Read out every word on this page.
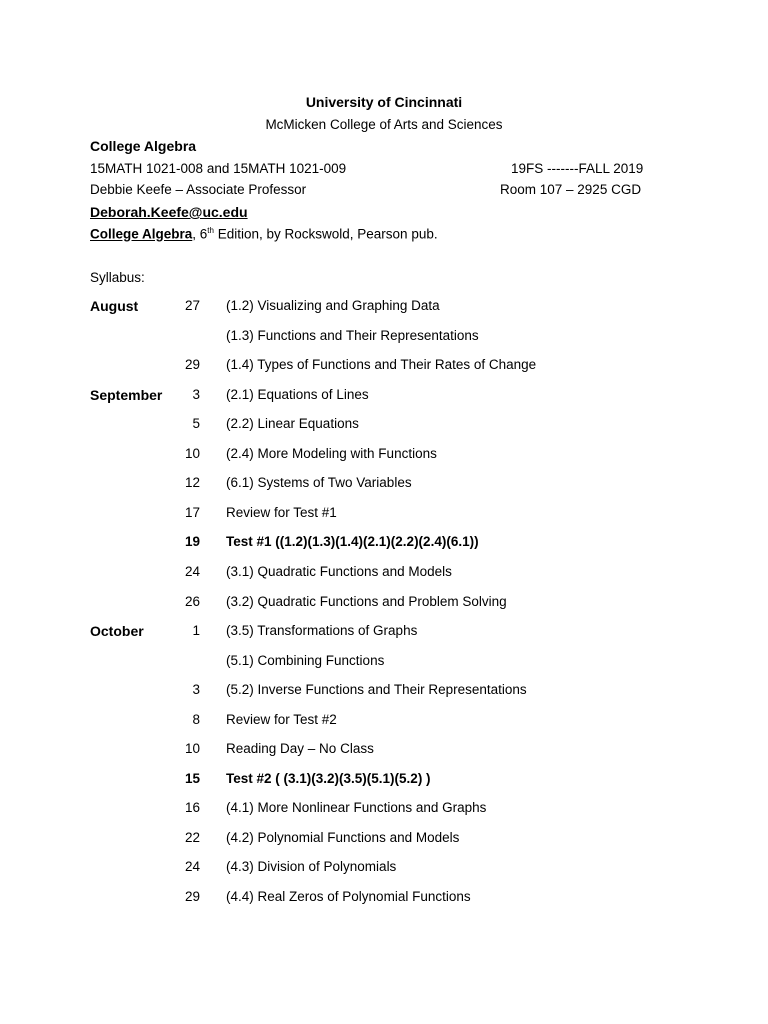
University of Cincinnati
McMicken College of Arts and Sciences
College Algebra
15MATH 1021-008 and 15MATH 1021-009	19FS -------FALL 2019
Debbie Keefe – Associate Professor	Room 107 – 2925 CGD
Deborah.Keefe@uc.edu
College Algebra, 6th Edition, by Rockswold, Pearson pub.
Syllabus:
August	27 (1.2) Visualizing and Graphing Data
(1.3) Functions and Their Representations
29 (1.4) Types of Functions and Their Rates of Change
September	3 (2.1) Equations of Lines
5 (2.2) Linear Equations
10 (2.4) More Modeling with Functions
12 (6.1) Systems of Two Variables
17 Review for Test #1
19 Test #1 ((1.2)(1.3)(1.4)(2.1)(2.2)(2.4)(6.1))
24 (3.1) Quadratic Functions and Models
26 (3.2) Quadratic Functions and Problem Solving
October	1 (3.5) Transformations of Graphs
(5.1) Combining Functions
3 (5.2) Inverse Functions and Their Representations
8 Review for Test #2
10 Reading Day – No Class
15 Test #2 ( (3.1)(3.2)(3.5)(5.1)(5.2) )
16 (4.1) More Nonlinear Functions and Graphs
22 (4.2) Polynomial Functions and Models
24 (4.3) Division of Polynomials
29 (4.4) Real Zeros of Polynomial Functions
